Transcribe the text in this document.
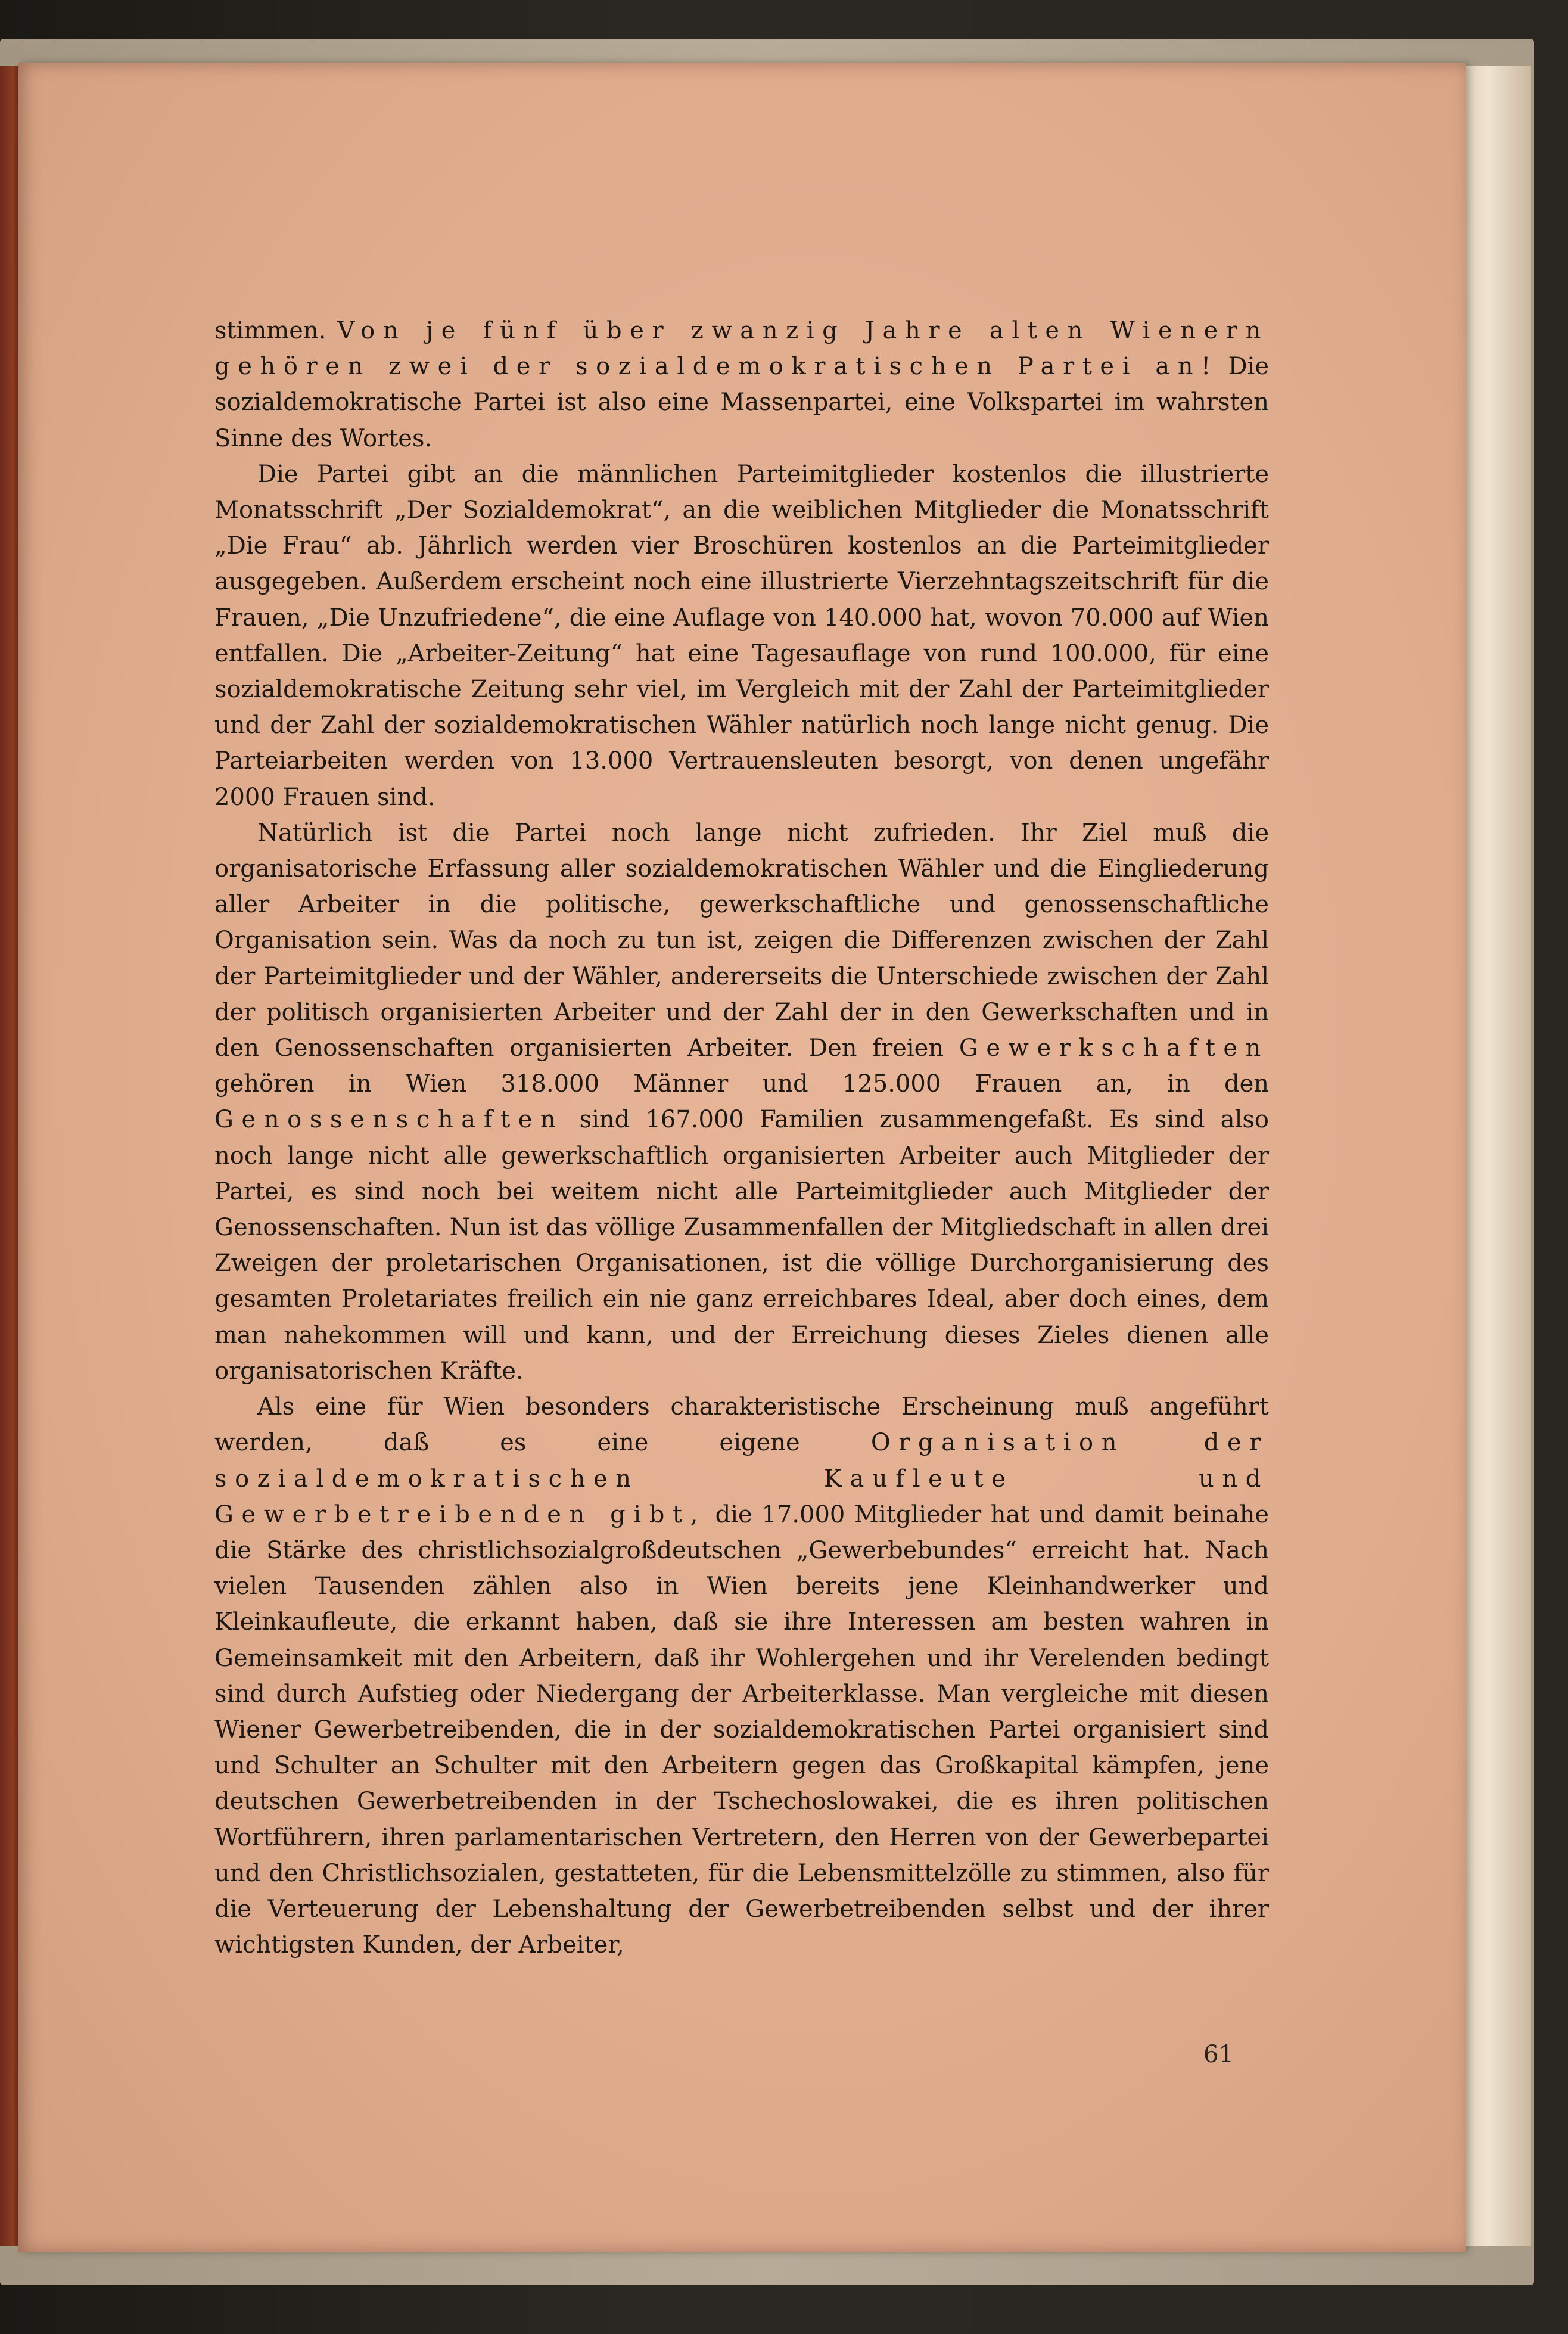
stimmen. Von je fünf über zwanzig Jahre alten Wienern gehören zwei der sozialdemokratischen Partei an! Die sozialdemokratische Partei ist also eine Massenpartei, eine Volkspartei im wahrsten Sinne des Wortes.

Die Partei gibt an die männlichen Parteimitglieder kostenlos die illustrierte Monatsschrift „Der Sozialdemokrat“, an die weiblichen Mitglieder die Monatsschrift „Die Frau“ ab. Jährlich werden vier Broschüren kostenlos an die Parteimitglieder ausgegeben. Außerdem erscheint noch eine illustrierte Vierzehntagszeitschrift für die Frauen, „Die Unzufriedene“, die eine Auflage von 140.000 hat, wovon 70.000 auf Wien entfallen. Die „Arbeiter-Zeitung“ hat eine Tagesauflage von rund 100.000, für eine sozialdemokratische Zeitung sehr viel, im Vergleich mit der Zahl der Parteimitglieder und der Zahl der sozialdemokratischen Wähler natürlich noch lange nicht genug. Die Parteiarbeiten werden von 13.000 Vertrauensleuten besorgt, von denen ungefähr 2000 Frauen sind.

Natürlich ist die Partei noch lange nicht zufrieden. Ihr Ziel muß die organisatorische Erfassung aller sozialdemokratischen Wähler und die Eingliederung aller Arbeiter in die politische, gewerkschaftliche und genossenschaftliche Organisation sein. Was da noch zu tun ist, zeigen die Differenzen zwischen der Zahl der Parteimitglieder und der Wähler, andererseits die Unterschiede zwischen der Zahl der politisch organisierten Arbeiter und der Zahl der in den Gewerkschaften und in den Genossenschaften organisierten Arbeiter. Den freien Gewerkschaften gehören in Wien 318.000 Männer und 125.000 Frauen an, in den Genossenschaften sind 167.000 Familien zusammengefaßt. Es sind also noch lange nicht alle gewerkschaftlich organisierten Arbeiter auch Mitglieder der Partei, es sind noch bei weitem nicht alle Parteimitglieder auch Mitglieder der Genossenschaften. Nun ist das völlige Zusammenfallen der Mitgliedschaft in allen drei Zweigen der proletarischen Organisationen, ist die völlige Durchorganisierung des gesamten Proletariates freilich ein nie ganz erreichbares Ideal, aber doch eines, dem man nahekommen will und kann, und der Erreichung dieses Zieles dienen alle organisatorischen Kräfte.

Als eine für Wien besonders charakteristische Erscheinung muß angeführt werden, daß es eine eigene Organisation der sozialdemokratischen Kaufleute und Gewerbetreibenden gibt, die 17.000 Mitglieder hat und damit beinahe die Stärke des christlichsozialgroßdeutschen „Gewerbebundes“ erreicht hat. Nach vielen Tausenden zählen also in Wien bereits jene Kleinhandwerker und Kleinkaufleute, die erkannt haben, daß sie ihre Interessen am besten wahren in Gemeinsamkeit mit den Arbeitern, daß ihr Wohlergehen und ihr Verelenden bedingt sind durch Aufstieg oder Niedergang der Arbeiterklasse. Man vergleiche mit diesen Wiener Gewerbetreibenden, die in der sozialdemokratischen Partei organisiert sind und Schulter an Schulter mit den Arbeitern gegen das Großkapital kämpfen, jene deutschen Gewerbetreibenden in der Tschechoslowakei, die es ihren politischen Wortführern, ihren parlamentarischen Vertretern, den Herren von der Gewerbepartei und den Christlichsozialen, gestatteten, für die Lebensmittelzölle zu stimmen, also für die Verteuerung der Lebenshaltung der Gewerbetreibenden selbst und der ihrer wichtigsten Kunden, der Arbeiter,

61
